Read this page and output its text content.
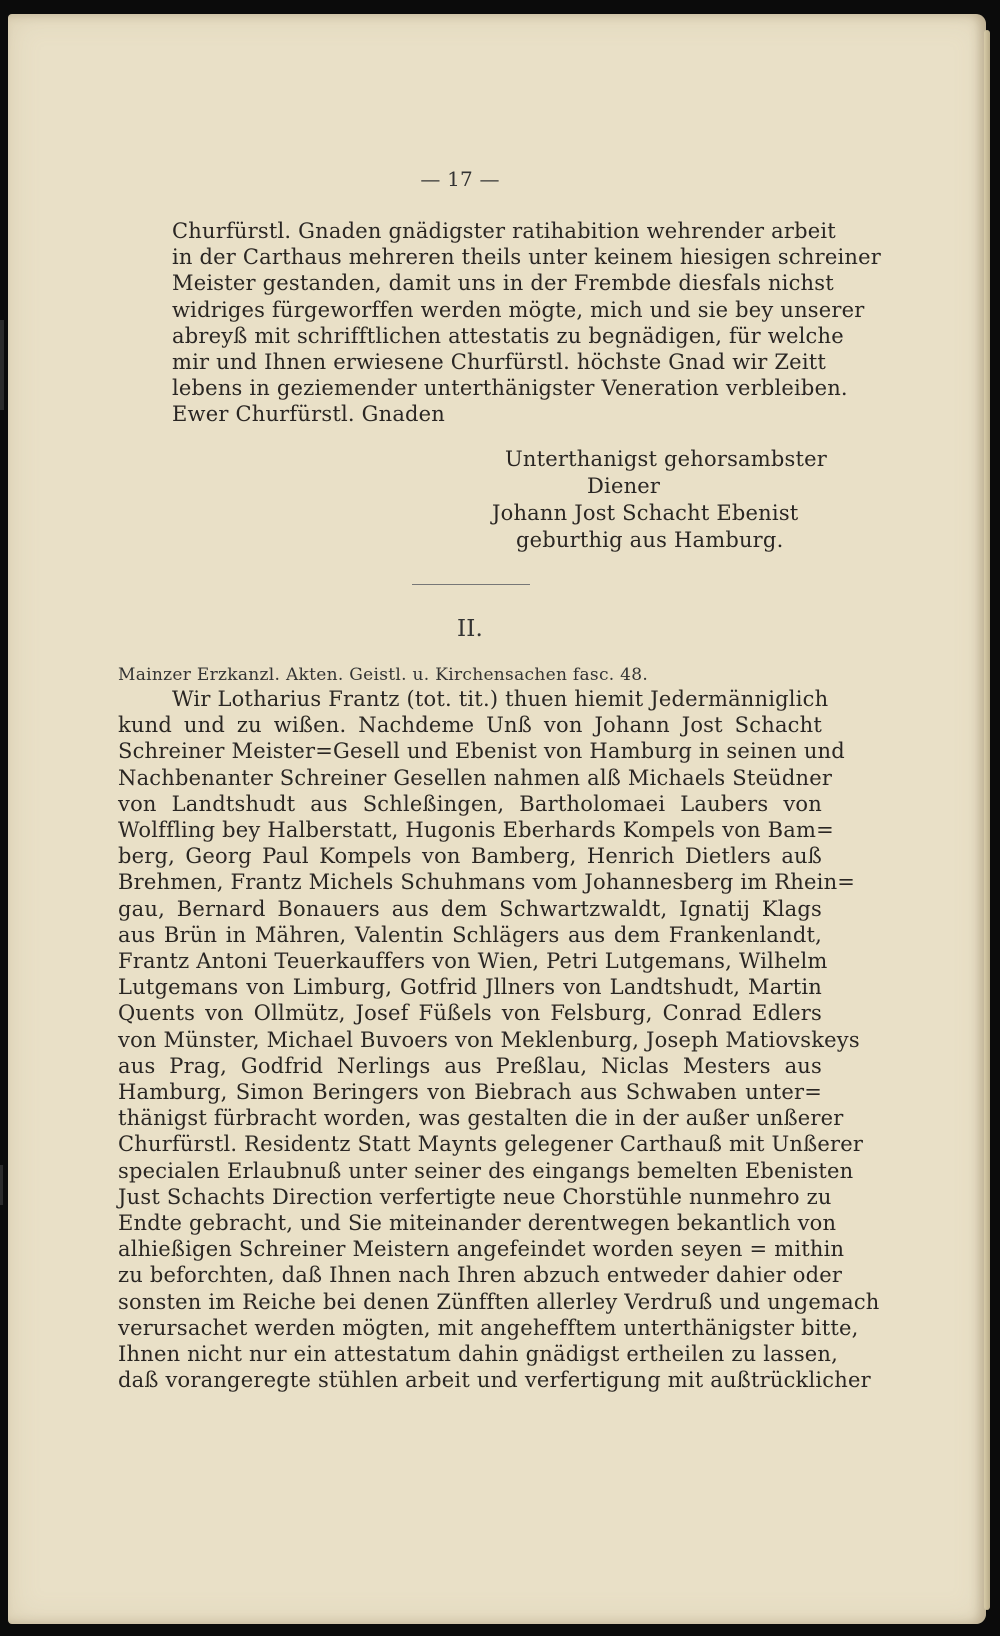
— 17 —
Churfürstl. Gnaden gnädigster ratihabition wehrender arbeit
in der Carthaus mehreren theils unter keinem hiesigen schreiner
Meister gestanden, damit uns in der Frembde diesfals nichst
widriges fürgeworffen werden mögte, mich und sie bey unserer
abreyß mit schrifftlichen attestatis zu begnädigen, für welche
mir und Ihnen erwiesene Churfürstl. höchste Gnad wir Zeitt
lebens in geziemender unterthänigster Veneration verbleiben.
Ewer Churfürstl. Gnaden
Unterthanigst gehorsambster
Diener
Johann Jost Schacht Ebenist
geburthig aus Hamburg.
II.
Mainzer Erzkanzl. Akten. Geistl. u. Kirchensachen fasc. 48.
Wir Lotharius Frantz (tot. tit.) thuen hiemit Jedermänniglich
kund und zu wißen. Nachdeme Unß von Johann Jost Schacht
Schreiner Meister=Gesell und Ebenist von Hamburg in seinen und
Nachbenanter Schreiner Gesellen nahmen alß Michaels Steüdner
von Landtshudt aus Schleßingen, Bartholomaei Laubers von
Wolffling bey Halberstatt, Hugonis Eberhards Kompels von Bam=
berg, Georg Paul Kompels von Bamberg, Henrich Dietlers auß
Brehmen, Frantz Michels Schuhmans vom Johannesberg im Rhein=
gau, Bernard Bonauers aus dem Schwartzwaldt, Ignatij Klags
aus Brün in Mähren, Valentin Schlägers aus dem Frankenlandt,
Frantz Antoni Teuerkauffers von Wien, Petri Lutgemans, Wilhelm
Lutgemans von Limburg, Gotfrid Jllners von Landtshudt, Martin
Quents von Ollmütz, Josef Füßels von Felsburg, Conrad Edlers
von Münster, Michael Buvoers von Meklenburg, Joseph Matiovskeys
aus Prag, Godfrid Nerlings aus Preßlau, Niclas Mesters aus
Hamburg, Simon Beringers von Biebrach aus Schwaben unter=
thänigst fürbracht worden, was gestalten die in der außer unßerer
Churfürstl. Residentz Statt Maynts gelegener Carthauß mit Unßerer
specialen Erlaubnuß unter seiner des eingangs bemelten Ebenisten
Just Schachts Direction verfertigte neue Chorstühle nunmehro zu
Endte gebracht, und Sie miteinander derentwegen bekantlich von
alhießigen Schreiner Meistern angefeindet worden seyen = mithin
zu beforchten, daß Ihnen nach Ihren abzuch entweder dahier oder
sonsten im Reiche bei denen Zünfften allerley Verdruß und ungemach
verursachet werden mögten, mit angehefftem unterthänigster bitte,
Ihnen nicht nur ein attestatum dahin gnädigst ertheilen zu lassen,
daß vorangeregte stühlen arbeit und verfertigung mit außtrücklicher
